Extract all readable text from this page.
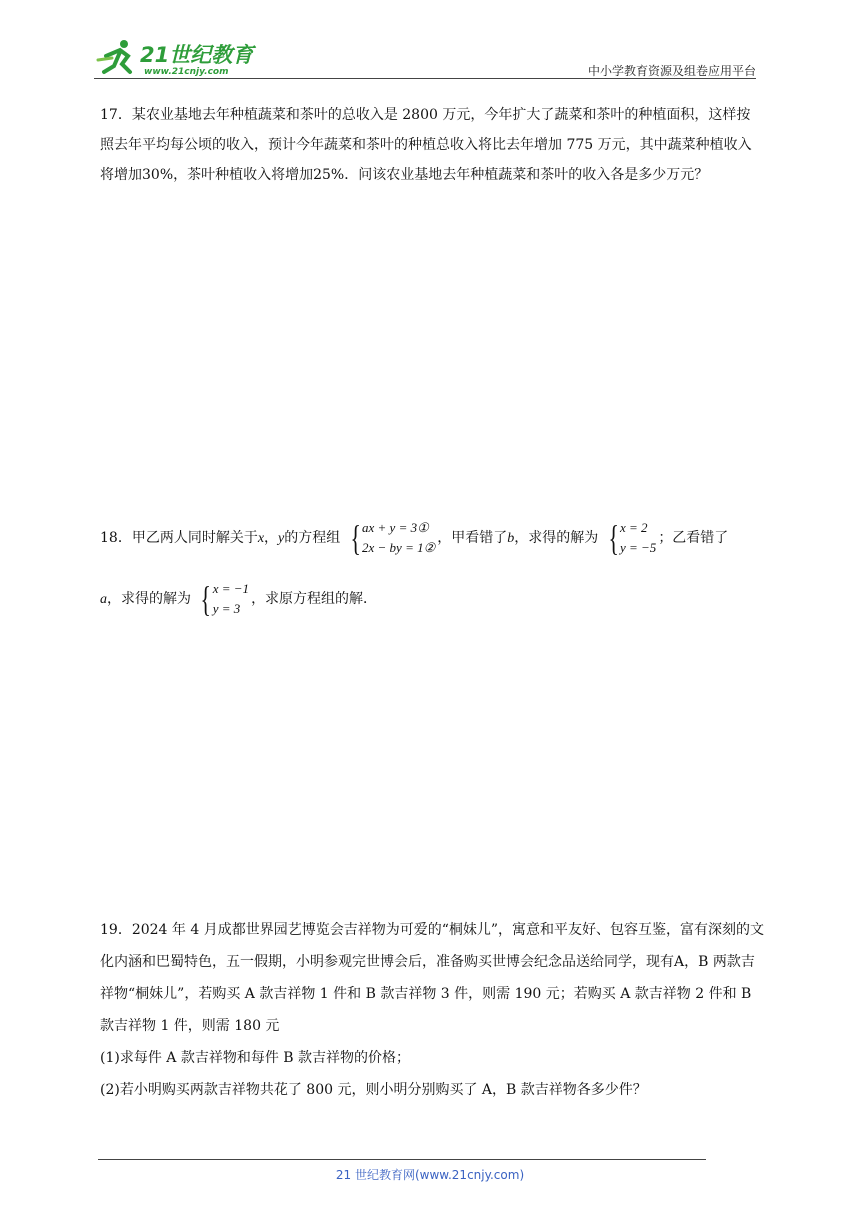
21世纪教育
www.21cnjy.com	中小学教育资源及组卷应用平台

17．某农业基地去年种植蔬菜和茶叶的总收入是 2800 万元，今年扩大了蔬菜和茶叶的种植面积，这样按照去年平均每公顷的收入，预计今年蔬菜和茶叶的种植总收入将比去年增加 775 万元，其中蔬菜种植收入将增加30%，茶叶种植收入将增加25%．问该农业基地去年种植蔬菜和茶叶的收入各是多少万元？

18．甲乙两人同时解关于x，y的方程组 { ax + y = 3①
2x − by = 1②
，甲看错了b，求得的解为 { x = 2
y = −5
；乙看错了
a，求得的解为 { x = −1
y = 3
，求原方程组的解．

19．2024 年 4 月成都世界园艺博览会吉祥物为可爱的“桐妹儿”，寓意和平友好、包容互鉴，富有深刻的文化内涵和巴蜀特色，五一假期，小明参观完世博会后，准备购买世博会纪念品送给同学，现有A，B 两款吉祥物“桐妹儿”，若购买 A 款吉祥物 1 件和 B 款吉祥物 3 件，则需 190 元；若购买 A 款吉祥物 2 件和 B 款吉祥物 1 件，则需 180 元

(1)求每件 A 款吉祥物和每件 B 款吉祥物的价格；

(2)若小明购买两款吉祥物共花了 800 元，则小明分别购买了 A，B 款吉祥物各多少件？

21 世纪教育网(www.21cnjy.com)
